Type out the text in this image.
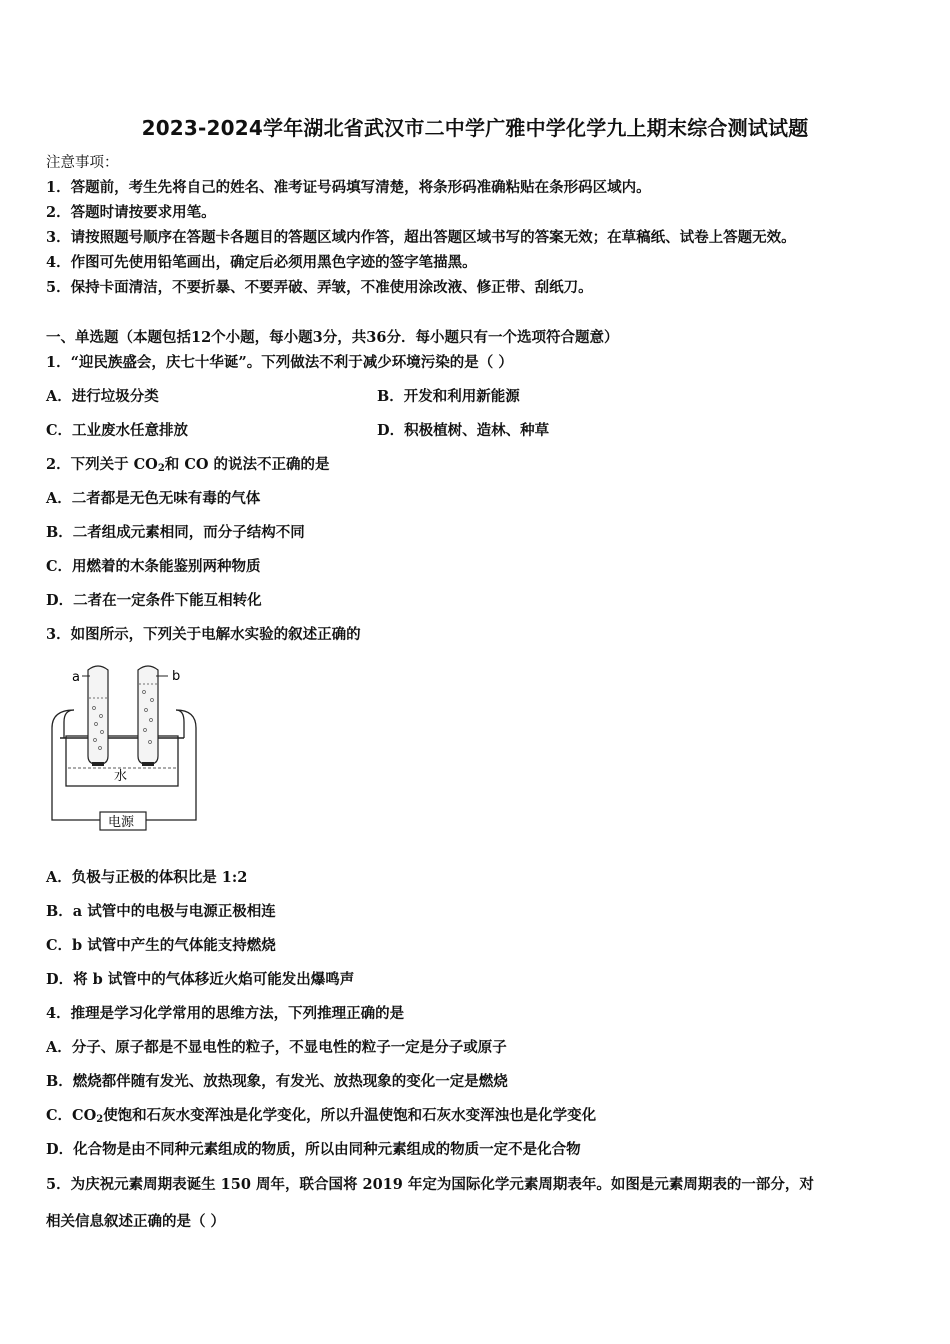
2023-2024学年湖北省武汉市二中学广雅中学化学九上期末综合测试试题
注意事项：
1．答题前，考生先将自己的姓名、准考证号码填写清楚，将条形码准确粘贴在条形码区域内。
2．答题时请按要求用笔。
3．请按照题号顺序在答题卡各题目的答题区域内作答，超出答题区域书写的答案无效；在草稿纸、试卷上答题无效。
4．作图可先使用铅笔画出，确定后必须用黑色字迹的签字笔描黑。
5．保持卡面清洁，不要折暴、不要弄破、弄皱，不准使用涂改液、修正带、刮纸刀。
一、单选题（本题包括12个小题，每小题3分，共36分．每小题只有一个选项符合题意）
1．“迎民族盛会，庆七十华诞”。下列做法不利于减少环境污染的是（ ）
A．进行垃圾分类	B．开发和利用新能源
C．工业废水任意排放	D．积极植树、造林、种草
2．下列关于 $CO_2$和 CO 的说法不正确的是
A．二者都是无色无味有毒的气体
B．二者组成元素相同，而分子结构不同
C．用燃着的木条能鉴别两种物质
D．二者在一定条件下能互相转化
3．如图所示，下列关于电解水实验的叙述正确的
a	b
水
电源
A．负极与正极的体积比是 1:2
B．a 试管中的电极与电源正极相连
C．b 试管中产生的气体能支持燃烧
D．将 b 试管中的气体移近火焰可能发出爆鸣声
4．推理是学习化学常用的思维方法，下列推理正确的是
A．分子、原子都是不显电性的粒子，不显电性的粒子一定是分子或原子
B．燃烧都伴随有发光、放热现象，有发光、放热现象的变化一定是燃烧
C．$CO_2$使饱和石灰水变浑浊是化学变化，所以升温使饱和石灰水变浑浊也是化学变化
D．化合物是由不同种元素组成的物质，所以由同种元素组成的物质一定不是化合物
5．为庆祝元素周期表诞生 150 周年，联合国将 2019 年定为国际化学元素周期表年。如图是元素周期表的一部分，对
相关信息叙述正确的是（ ）
